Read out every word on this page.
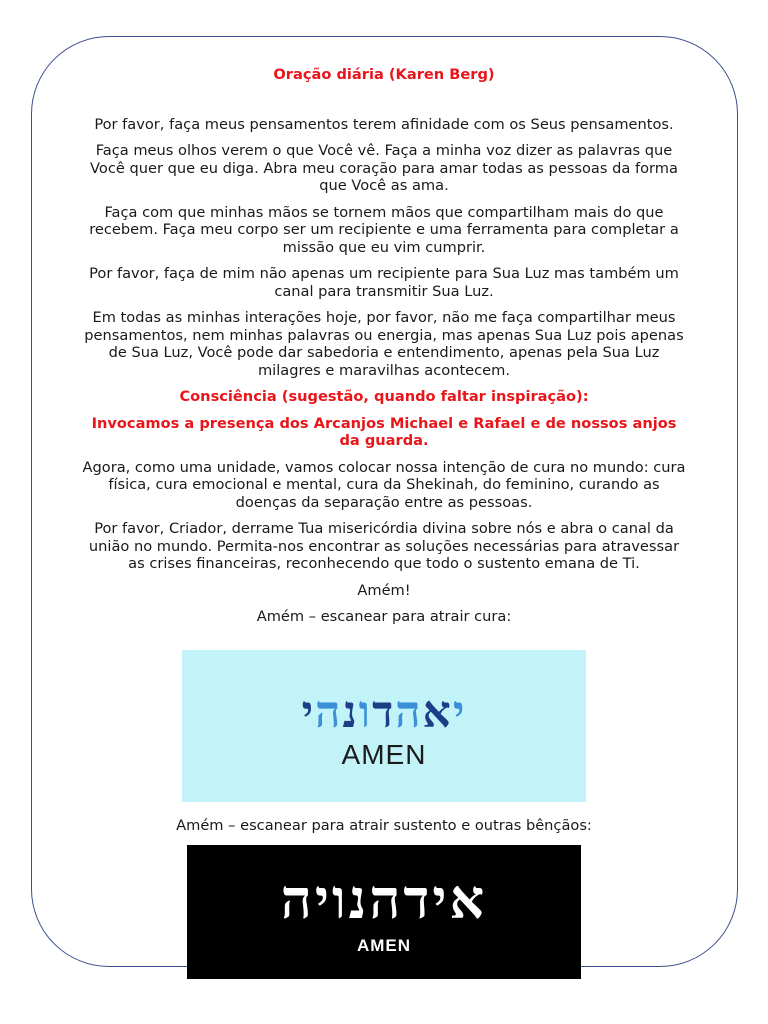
Oração diária (Karen Berg)

Por favor, faça meus pensamentos terem afinidade com os Seus pensamentos.

Faça meus olhos verem o que Você vê. Faça a minha voz dizer as palavras que Você quer que eu diga. Abra meu coração para amar todas as pessoas da forma que Você as ama.

Faça com que minhas mãos se tornem mãos que compartilham mais do que recebem. Faça meu corpo ser um recipiente e uma ferramenta para completar a missão que eu vim cumprir.

Por favor, faça de mim não apenas um recipiente para Sua Luz mas também um canal para transmitir Sua Luz.

Em todas as minhas interações hoje, por favor, não me faça compartilhar meus pensamentos, nem minhas palavras ou energia, mas apenas Sua Luz pois apenas de Sua Luz, Você pode dar sabedoria e entendimento, apenas pela Sua Luz milagres e maravilhas acontecem.

Consciência (sugestão, quando faltar inspiração):
Invocamos a presença dos Arcanjos Michael e Rafael e de nossos anjos da guarda.

Agora, como uma unidade, vamos colocar nossa intenção de cura no mundo: cura física, cura emocional e mental, cura da Shekinah, do feminino, curando as doenças da separação entre as pessoas.

Por favor, Criador, derrame Tua misericórdia divina sobre nós e abra o canal da união no mundo. Permita-nos encontrar as soluções necessárias para atravessar as crises financeiras, reconhecendo que todo o sustento emana de Ti.

Amém!

Amém – escanear para atrair cura:

יאהדונהי
AMEN

Amém – escanear para atrair sustento e outras bênçãos:

אידהנויה
AMEN
